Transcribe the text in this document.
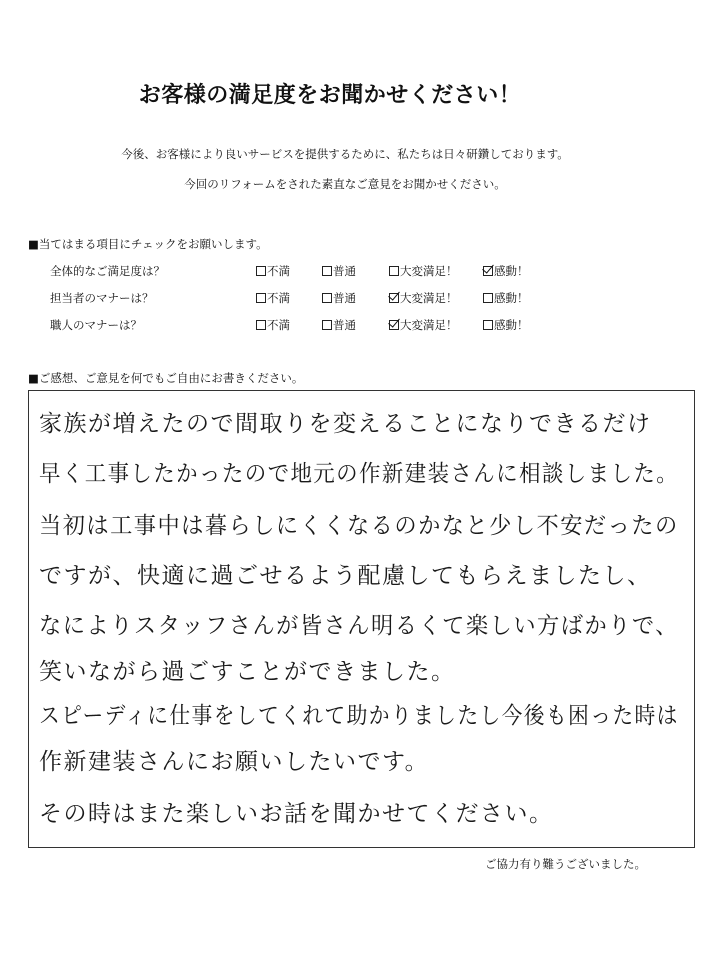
お客様の満足度をお聞かせください！
今後、お客様により良いサービスを提供するために、私たちは日々研鑽しております。
今回のリフォームをされた素直なご意見をお聞かせください。
■当てはまる項目にチェックをお願いします。
全体的なご満足度は？	不満	普通	大変満足！	感動！
担当者のマナーは？	不満	普通	大変満足！	感動！
職人のマナーは？	不満	普通	大変満足！	感動！
■ご感想、ご意見を何でもご自由にお書きください。
家族が増えたので間取りを変えることになりできるだけ
早く工事したかったので地元の作新建装さんに相談しました。
当初は工事中は暮らしにくくなるのかなと少し不安だったの
ですが、快適に過ごせるよう配慮してもらえましたし、
なによりスタッフさんが皆さん明るくて楽しい方ばかりで、
笑いながら過ごすことができました。
スピーディに仕事をしてくれて助かりましたし今後も困った時は
作新建装さんにお願いしたいです。
その時はまた楽しいお話を聞かせてください。
ご協力有り難うございました。
